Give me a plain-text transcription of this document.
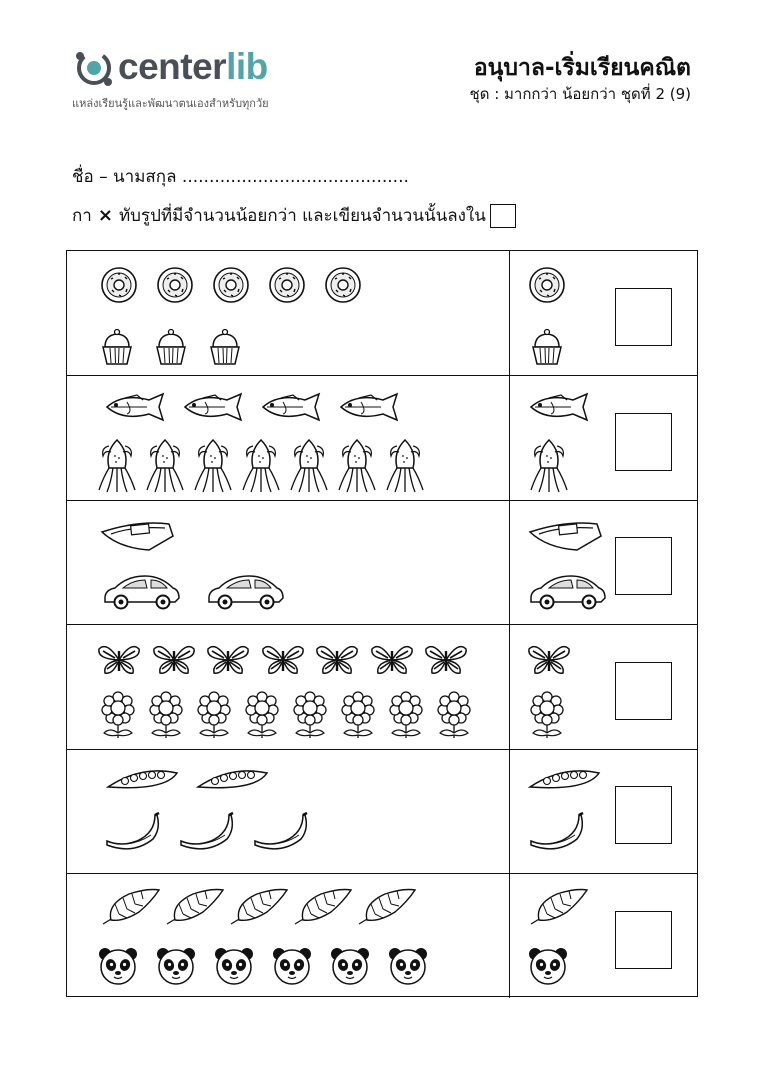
centerlib
แหล่งเรียนรู้และพัฒนาตนเองสำหรับทุกวัย
อนุบาล-เริ่มเรียนคณิต
ชุด : มากกว่า น้อยกว่า ชุดที่ 2 (9)
ชื่อ – นามสกุล ..........................................
กา × ทับรูปที่มีจำนวนน้อยกว่า และเขียนจำนวนนั้นลงใน
